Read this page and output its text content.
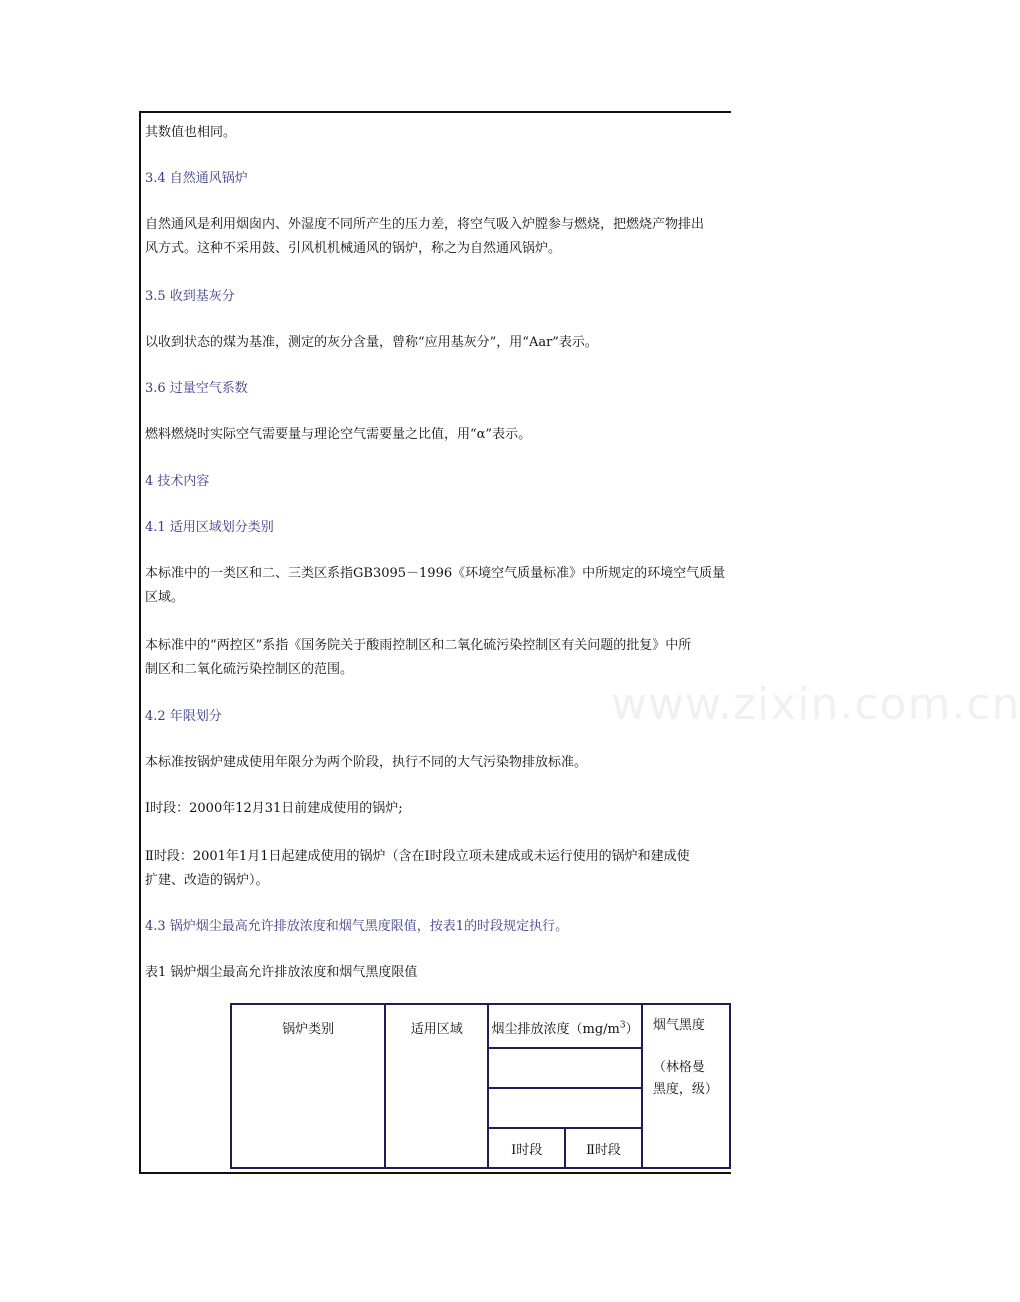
www.zixin.com.cn
其数值也相同。
3.4 自然通风锅炉
自然通风是利用烟囱内、外湿度不同所产生的压力差，将空气吸入炉膛参与燃烧，把燃烧产物排出
风方式。这种不采用鼓、引风机机械通风的锅炉，称之为自然通风锅炉。
3.5 收到基灰分
以收到状态的煤为基准，测定的灰分含量，曾称“应用基灰分”，用“Aar”表示。
3.6 过量空气系数
燃料燃烧时实际空气需要量与理论空气需要量之比值，用“α”表示。
4 技术内容
4.1 适用区域划分类别
本标准中的一类区和二、三类区系指GB3095－1996《环境空气质量标准》中所规定的环境空气质量
区域。
本标准中的“两控区”系指《国务院关于酸雨控制区和二氧化硫污染控制区有关问题的批复》中所
制区和二氧化硫污染控制区的范围。
4.2 年限划分
本标准按锅炉建成使用年限分为两个阶段，执行不同的大气污染物排放标准。
Ⅰ时段：2000年12月31日前建成使用的锅炉;
Ⅱ时段：2001年1月1日起建成使用的锅炉（含在Ⅰ时段立项未建成或未运行使用的锅炉和建成使
扩建、改造的锅炉）。
4.3 锅炉烟尘最高允许排放浓度和烟气黑度限值，按表1的时段规定执行。
表1 锅炉烟尘最高允许排放浓度和烟气黑度限值
锅炉类别	适用区域	烟尘排放浓度$(mg/m^3)$		烟气黑度
（林格曼
黑度，级）

		Ⅰ时段	Ⅱ时段	
